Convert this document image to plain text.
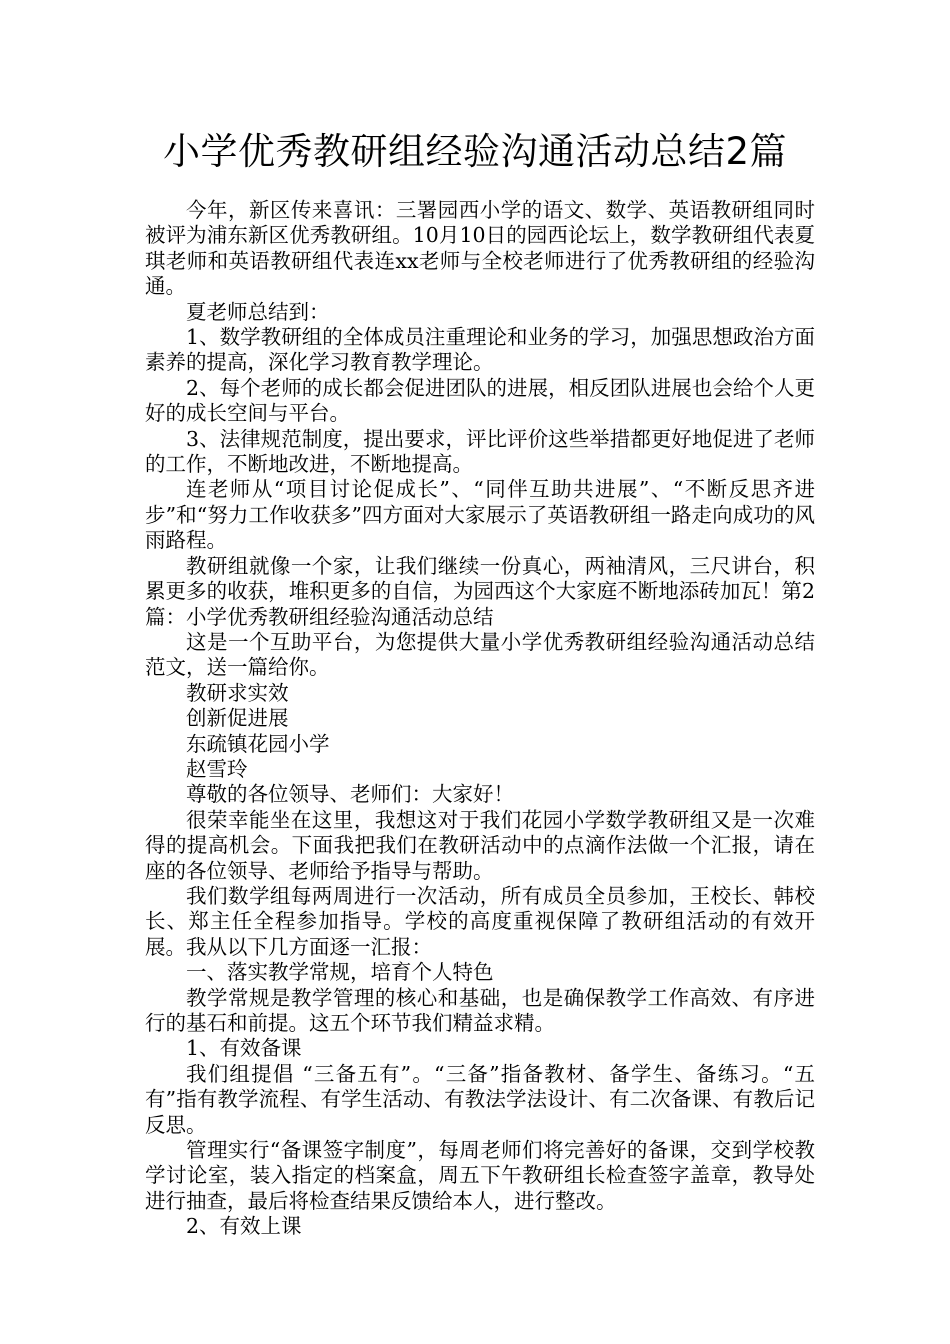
小学优秀教研组经验沟通活动总结2篇

今年，新区传来喜讯：三署园西小学的语文、数学、英语教研组同时被评为浦东新区优秀教研组。10月10日的园西论坛上，数学教研组代表夏琪老师和英语教研组代表连xx老师与全校老师进行了优秀教研组的经验沟通。

夏老师总结到：

1、数学教研组的全体成员注重理论和业务的学习，加强思想政治方面素养的提高，深化学习教育教学理论。

2、每个老师的成长都会促进团队的进展，相反团队进展也会给个人更好的成长空间与平台。

3、法律规范制度，提出要求，评比评价这些举措都更好地促进了老师的工作，不断地改进，不断地提高。

连老师从“项目讨论促成长”、“同伴互助共进展”、“不断反思齐进步”和“努力工作收获多”四方面对大家展示了英语教研组一路走向成功的风雨路程。

教研组就像一个家，让我们继续一份真心，两袖清风，三尺讲台，积累更多的收获，堆积更多的自信，为园西这个大家庭不断地添砖加瓦！第2篇：小学优秀教研组经验沟通活动总结

这是一个互助平台，为您提供大量小学优秀教研组经验沟通活动总结范文，送一篇给你。

教研求实效

创新促进展

东疏镇花园小学

赵雪玲

尊敬的各位领导、老师们：大家好！

很荣幸能坐在这里，我想这对于我们花园小学数学教研组又是一次难得的提高机会。下面我把我们在教研活动中的点滴作法做一个汇报，请在座的各位领导、老师给予指导与帮助。

我们数学组每两周进行一次活动，所有成员全员参加，王校长、韩校长、郑主任全程参加指导。学校的高度重视保障了教研组活动的有效开展。我从以下几方面逐一汇报：

一、落实教学常规，培育个人特色

教学常规是教学管理的核心和基础，也是确保教学工作高效、有序进行的基石和前提。这五个环节我们精益求精。

1、有效备课

我们组提倡 “三备五有”。“三备”指备教材、备学生、备练习。“五有”指有教学流程、有学生活动、有教法学法设计、有二次备课、有教后记反思。

管理实行“备课签字制度”，每周老师们将完善好的备课，交到学校教学讨论室，装入指定的档案盒，周五下午教研组长检查签字盖章，教导处进行抽查，最后将检查结果反馈给本人，进行整改。

2、有效上课
